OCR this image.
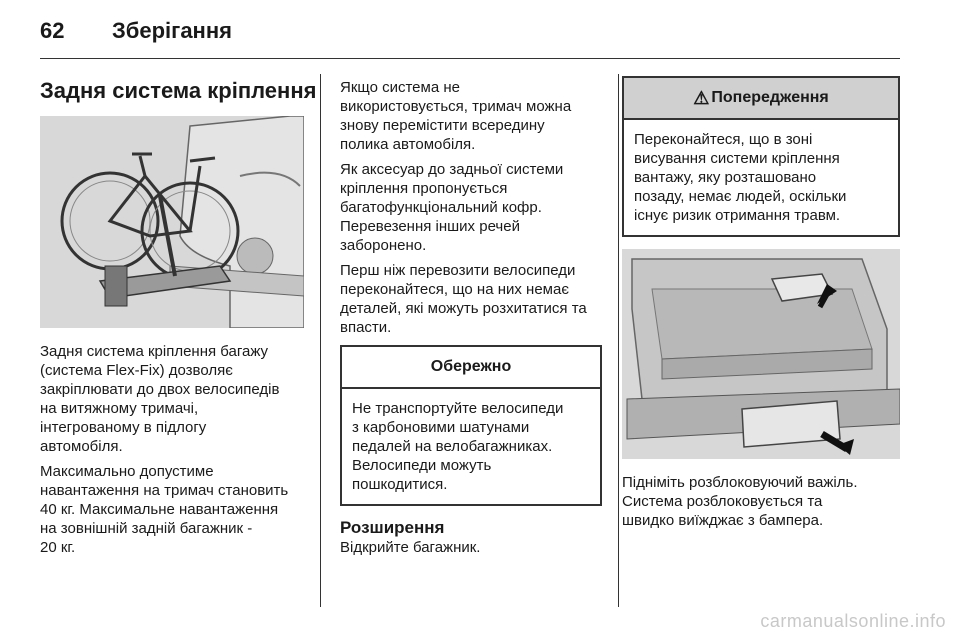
62 Зберігання
Задня система кріплення

Задня система кріплення багажу
(система Flex-Fix) дозволяє
закріплювати до двох велосипедів
на витяжному тримачі,
інтегрованому в підлогу
автомобіля.

Максимально допустиме
навантаження на тримач становить
40 кг. Максимальне навантаження
на зовнішній задній багажник -
20 кг.

Якщо система не
використовується, тримач можна
знову перемістити всередину
полика автомобіля.

Як аксесуар до задньої системи
кріплення пропонується
багатофункціональний кофр.
Перевезення інших речей
заборонено.

Перш ніж перевозити велосипеди
переконайтеся, що на них немає
деталей, які можуть розхитатися та
впасти.

Обережно
Не транспортуйте велосипеди
з карбоновими шатунами
педалей на велобагажниках.
Велосипеди можуть
пошкодитися.
Розширення

Відкрийте багажник.

⚠ Попередження
Переконайтеся, що в зоні
висування системи кріплення
вантажу, яку розташовано
позаду, немає людей, оскільки
існує ризик отримання травм.

Підніміть розблоковуючий важіль.
Система розблоковується та
швидко виїжджає з бампера.

carmanualsonline.info
